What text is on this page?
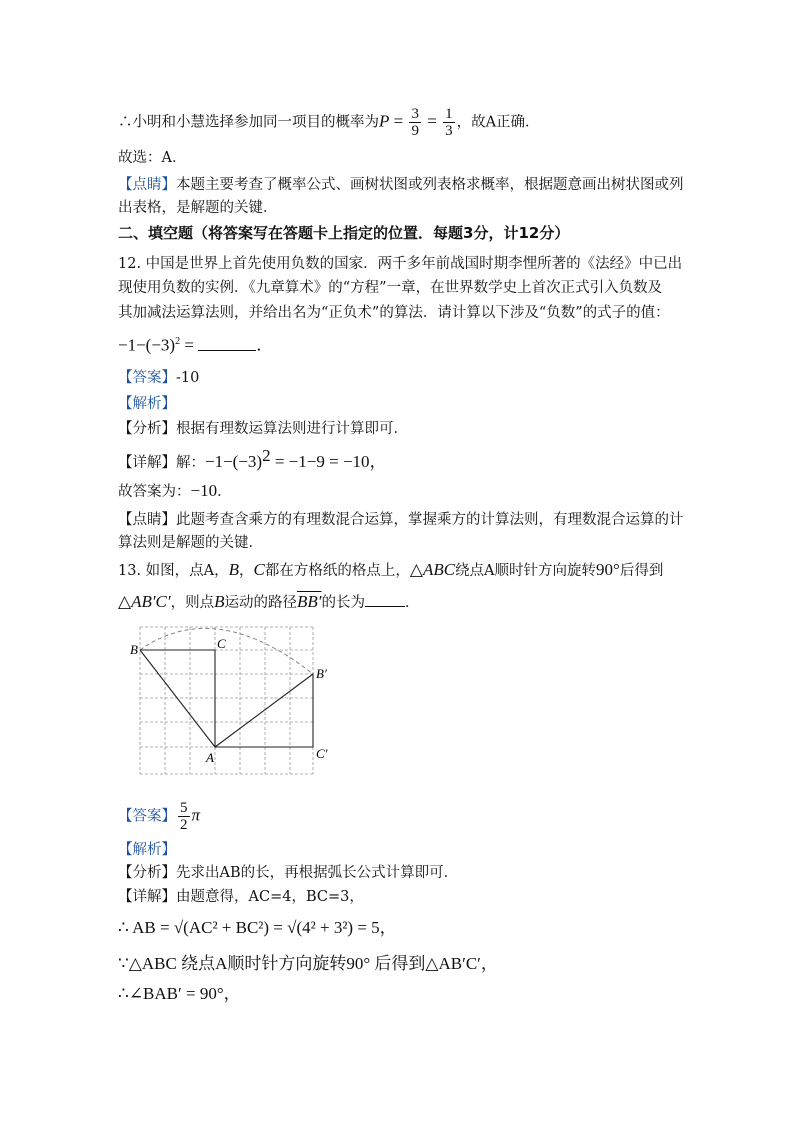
∴小明和小慧选择参加同一项目的概率为$P = \frac{3}{9} = \frac{1}{3}$ ，故A正确．
故选：A．
【点睛】本题主要考查了概率公式、画树状图或列表格求概率，根据题意画出树状图或列
出表格，是解题的关键．
二、填空题（将答案写在答题卡上指定的位置．每题3分，计12分）
12. 中国是世界上首先使用负数的国家．两千多年前战国时期李悝所著的《法经》中已出
现使用负数的实例．《九章算术》的“方程”一章，在世界数学史上首次正式引入负数及
其加减法运算法则，并给出名为“正负术”的算法．请计算以下涉及“负数”的式子的值：
$-1-(-3)^2$ =	．
【答案】-10
【解析】
【分析】根据有理数运算法则进行计算即可．
【详解】解：$-1-(-3)^2 = -1-9 = -10$，
故答案为：−10．
【点睛】此题考查含乘方的有理数混合运算，掌握乘方的计算法则，有理数混合运算的计
算法则是解题的关键．
13. 如图，点A，B，C都在方格纸的格点上，△ABC绕点A顺时针方向旋转90°后得到
△AB′C′，则点B运动的路径BB′的长为	．
B	C
A
B′
C′
【答案】 $\frac{5}{2}$ π
【解析】
【分析】先求出AB的长，再根据弧长公式计算即可．
【详解】由题意得，AC=4，BC=3，
∴ AB = √(AC² + BC²) = √(4² + 3²) = 5，
∵△ABC 绕点A顺时针方向旋转90° 后得到△AB′C′，
∴∠BAB′ = 90°，
